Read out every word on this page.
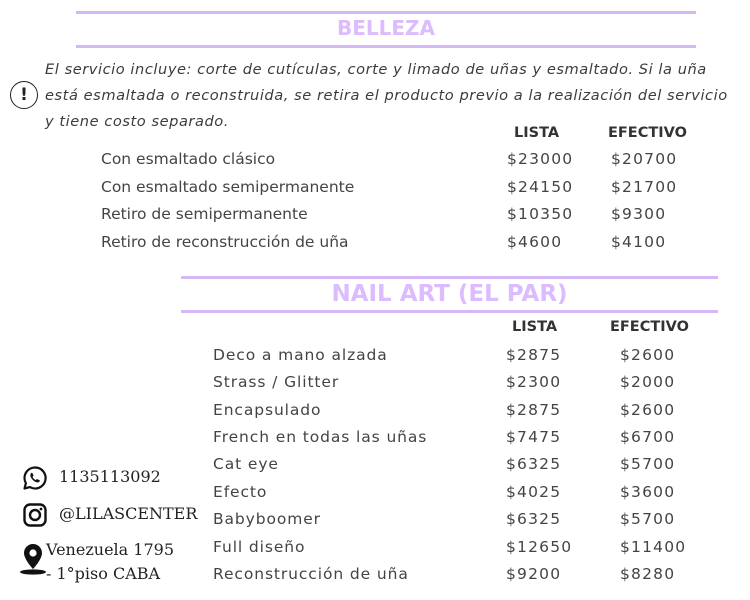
BELLEZA
!
El servicio incluye: corte de cutículas, corte y limado de uñas y esmaltado. Si la uña está esmaltada o reconstruida, se retira el producto previo a la realización del servicio y tiene costo separado.
LISTA	EFECTIVO
Con esmaltado clásico	$23000 $20700
Con esmaltado semipermanente	$24150 $21700
Retiro de semipermanente	$10350 $9300
Retiro de reconstrucción de uña	$4600	$4100
NAIL ART (EL PAR)
LISTA	EFECTIVO
Deco a mano alzada	$2875	$2600
Strass / Glitter	$2300	$2000
Encapsulado	$2875	$2600
French en todas las uñas	$7475	$6700
Cat eye	$6325	$5700
Efecto	$4025	$3600
Babyboomer	$6325	$5700
Full diseño	$12650	$11400
Reconstrucción de uña	$9200	$8280
1135113092
@LILASCENTER
Venezuela 1795
- 1°piso CABA
